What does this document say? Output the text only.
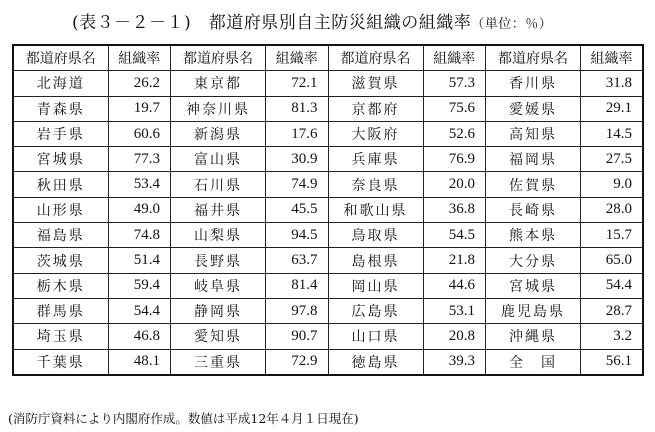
(表３－２－１)　都道府県別自主防災組織の組織率（単位：％）
都道府県名	組織率	都道府県名	組織率	都道府県名	組織率	都道府県名	組織率
北海道	26.2	東京都	72.1	滋賀県	57.3	香川県	31.8
青森県	19.7	神奈川県	81.3	京都府	75.6	愛媛県	29.1
岩手県	60.6	新潟県	17.6	大阪府	52.6	高知県	14.5
宮城県	77.3	富山県	30.9	兵庫県	76.9	福岡県	27.5
秋田県	53.4	石川県	74.9	奈良県	20.0	佐賀県	9.0
山形県	49.0	福井県	45.5	和歌山県	36.8	長崎県	28.0
福島県	74.8	山梨県	94.5	鳥取県	54.5	熊本県	15.7
茨城県	51.4	長野県	63.7	島根県	21.8	大分県	65.0
栃木県	59.4	岐阜県	81.4	岡山県	44.6	宮城県	54.4
群馬県	54.4	静岡県	97.8	広島県	53.1	鹿児島県	28.7
埼玉県	46.8	愛知県	90.7	山口県	20.8	沖縄県	3.2
千葉県	48.1	三重県	72.9	徳島県	39.3	全　国	56.1
(消防庁資料により内閣府作成。数値は平成12年４月１日現在)
